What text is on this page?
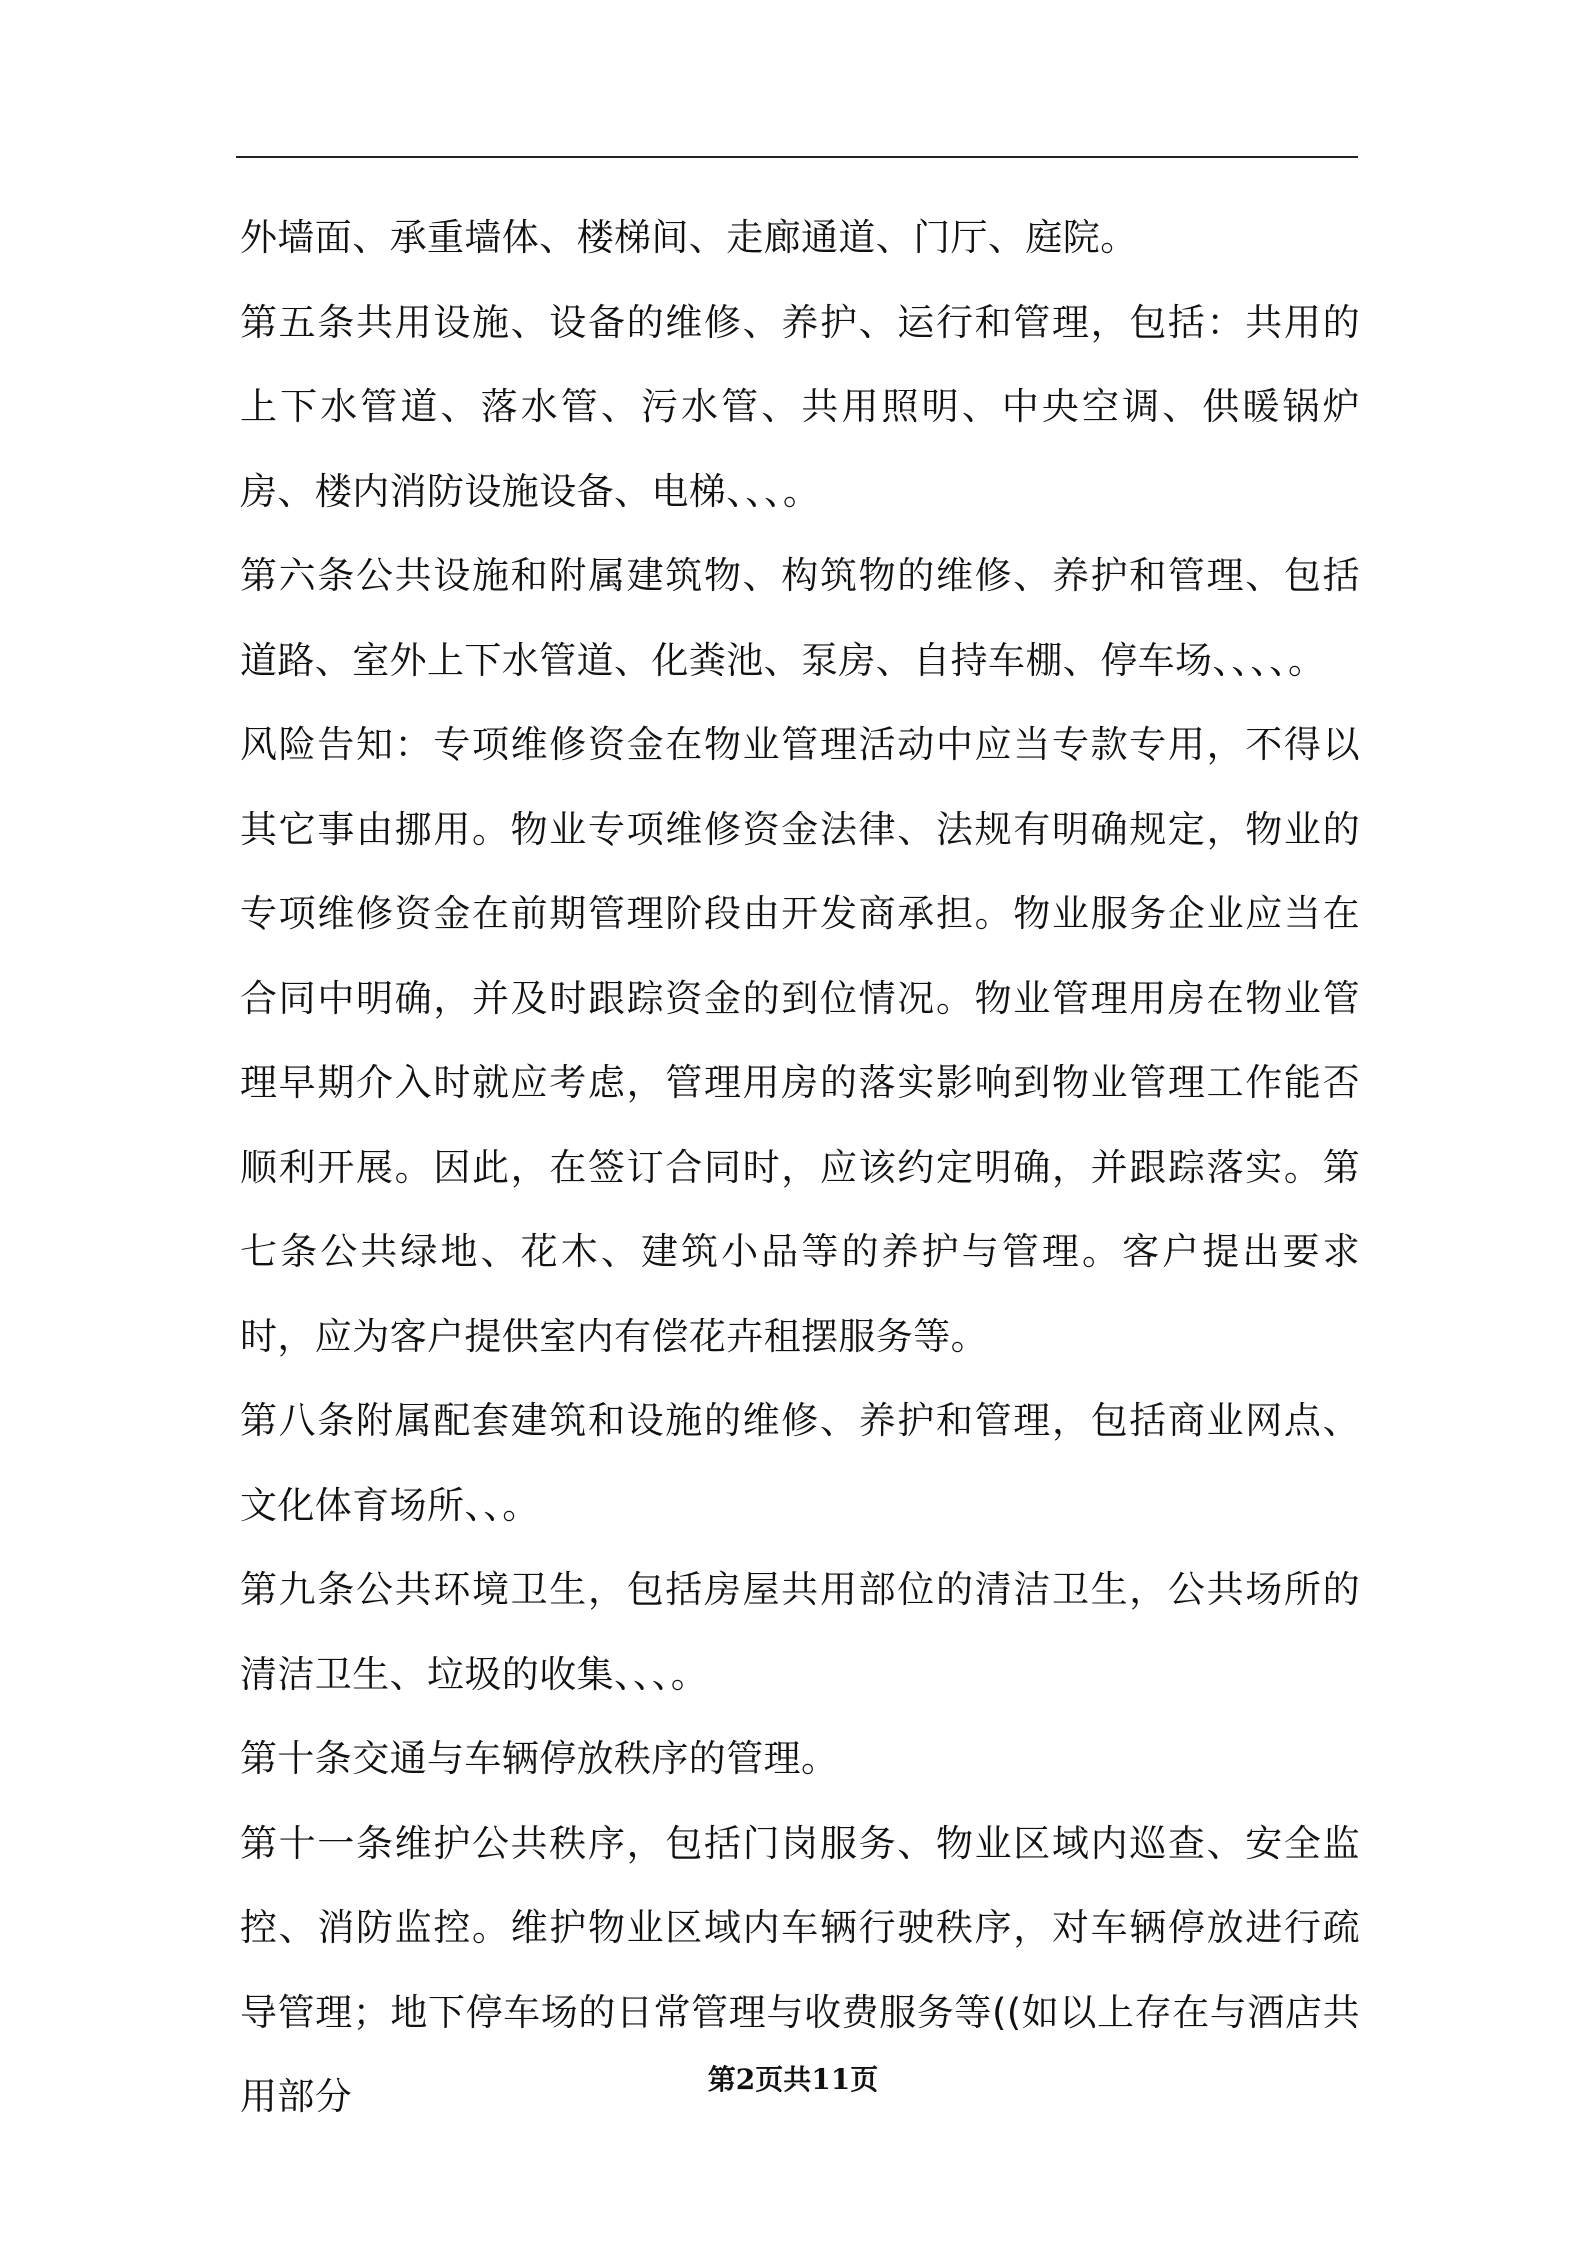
外墙面、承重墙体、楼梯间、走廊通道、门厅、庭院。

第五条共用设施、设备的维修、养护、运行和管理，包括：共用的上下水管道、落水管、污水管、共用照明、中央空调、供暖锅炉房、楼内消防设施设备、电梯、、、。

第六条公共设施和附属建筑物、构筑物的维修、养护和管理、包括道路、室外上下水管道、化粪池、泵房、自持车棚、停车场、、、、。

风险告知：专项维修资金在物业管理活动中应当专款专用，不得以其它事由挪用。物业专项维修资金法律、法规有明确规定，物业的专项维修资金在前期管理阶段由开发商承担。物业服务企业应当在合同中明确，并及时跟踪资金的到位情况。物业管理用房在物业管理早期介入时就应考虑，管理用房的落实影响到物业管理工作能否顺利开展。因此，在签订合同时，应该约定明确，并跟踪落实。第七条公共绿地、花木、建筑小品等的养护与管理。客户提出要求时，应为客户提供室内有偿花卉租摆服务等。

第八条附属配套建筑和设施的维修、养护和管理，包括商业网点、文化体育场所、、。

第九条公共环境卫生，包括房屋共用部位的清洁卫生，公共场所的清洁卫生、垃圾的收集、、、。

第十条交通与车辆停放秩序的管理。

第十一条维护公共秩序，包括门岗服务、物业区域内巡查、安全监控、消防监控。维护物业区域内车辆行驶秩序，对车辆停放进行疏导管理；地下停车场的日常管理与收费服务等((如以上存在与酒店共用部分	第2页共11页
